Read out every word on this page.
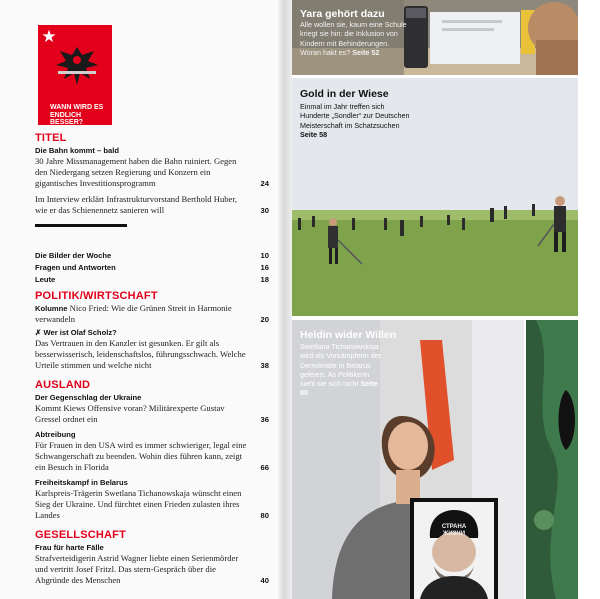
★
WANN WIRD ES ENDLICH BESSER?
TITEL
Die Bahn kommt – bald
30 Jahre Missmanagement haben die Bahn ruiniert. Gegen den Niedergang setzen Regierung und Konzern ein gigantisches Investitionsprogramm	24
Im Interview erklärt Infrastrukturvorstand Berthold Huber, wie er das Schienennetz sanieren will	30
Die Bilder der Woche	10
Fragen und Antworten	16
Leute	18
POLITIK/WIRTSCHAFT
Kolumne Nico Fried: Wie die Grünen Streit in Harmonie verwandeln	20
✗ Wer ist Olaf Scholz?
Das Vertrauen in den Kanzler ist gesunken. Er gilt als besserwisserisch, leidenschaftslos, führungsschwach. Welche Urteile stimmen und welche nicht	38
AUSLAND
Der Gegenschlag der Ukraine
Kommt Kiews Offensive voran? Militärexperte Gustav Gressel ordnet ein	36
Abtreibung
Für Frauen in den USA wird es immer schwieriger, legal eine Schwangerschaft zu beenden. Wohin dies führen kann, zeigt ein Besuch in Florida	66
Freiheitskampf in Belarus
Karlspreis-Trägerin Swetlana Tichanowskaja wünscht einen Sieg der Ukraine. Und fürchtet einen Frieden zulasten ihres Landes	80
GESELLSCHAFT
Frau für harte Fälle
Strafverteidigerin Astrid Wagner liebte einen Serienmörder und vertritt Josef Fritzl. Das stern-Gespräch über die Abgründe des Menschen	40
Yara gehört dazu
Alle wollen sie, kaum eine Schule kriegt sie hin: die Inklusion von Kindern mit Behinderungen. Woran hakt es? Seite 52
Gold in der Wiese
Einmal im Jahr treffen sich Hunderte „Sondler“ zur Deutschen Meisterschaft im Schatzsuchen Seite 58
СТРАНА
ЖИЗНИ
Heldin wider Willen
Swetlana Tichanowskaja wird als Vorkämpferin der Demokratie in Belarus gefeiert. As Politikerin sieht sie sich nicht Seite 80
